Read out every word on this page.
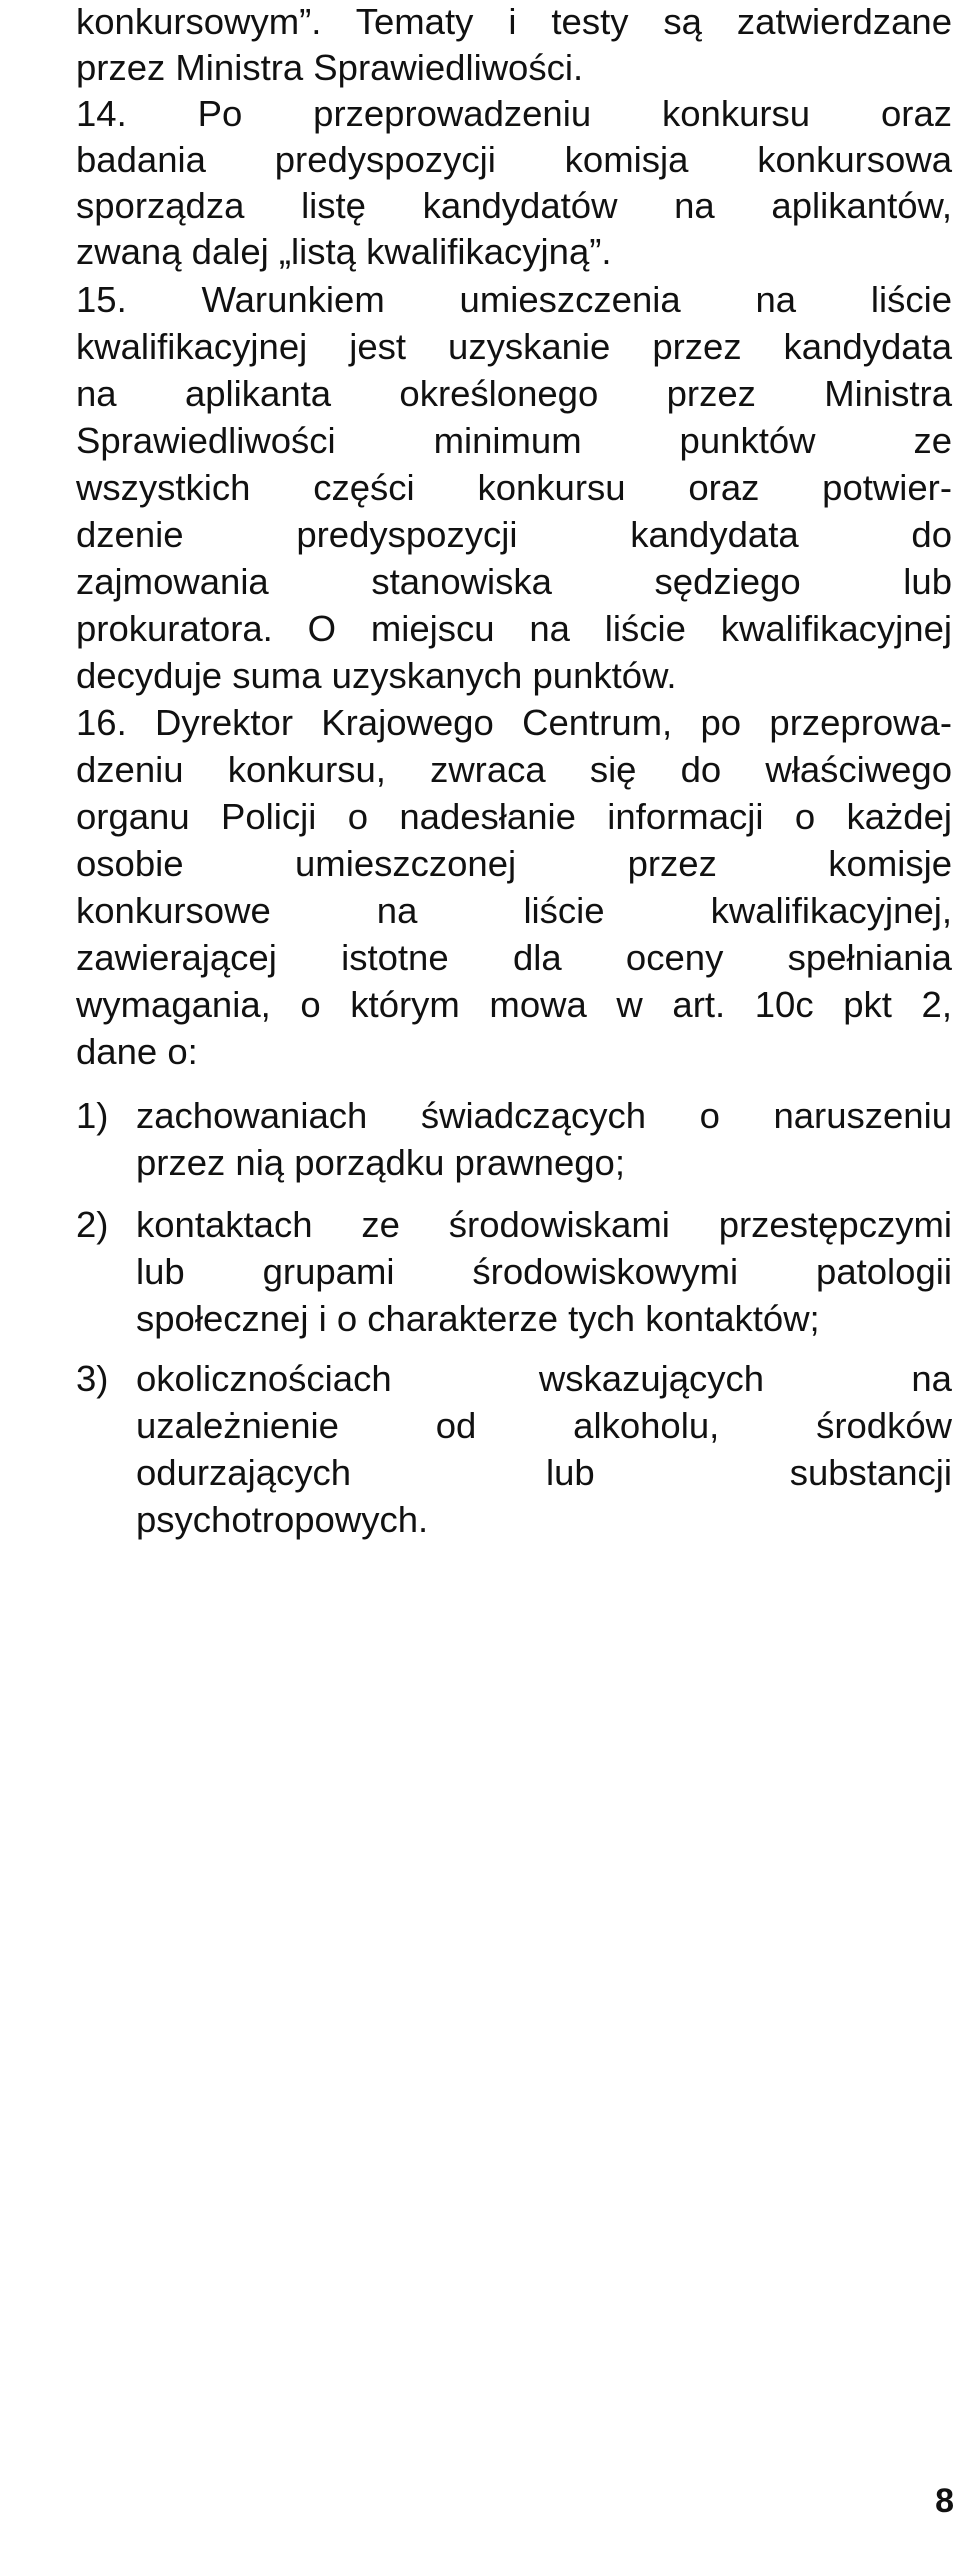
konkursowym”. Tematy i testy są zatwierdzane
przez Ministra Sprawiedliwości.
14. Po przeprowadzeniu konkursu oraz
badania predyspozycji komisja konkursowa
sporządza listę kandydatów na aplikantów,
zwaną dalej „listą kwalifikacyjną”.
15. Warunkiem umieszczenia na liście
kwalifikacyjnej jest uzyskanie przez kandydata
na aplikanta określonego przez Ministra
Sprawiedliwości minimum punktów ze
wszystkich części konkursu oraz potwier-
dzenie predyspozycji kandydata do
zajmowania stanowiska sędziego lub
prokuratora. O miejscu na liście kwalifikacyjnej
decyduje suma uzyskanych punktów.
16. Dyrektor Krajowego Centrum, po przeprowa-
dzeniu konkursu, zwraca się do właściwego
organu Policji o nadesłanie informacji o każdej
osobie umieszczonej przez komisje
konkursowe na liście kwalifikacyjnej,
zawierającej istotne dla oceny spełniania
wymagania, o którym mowa w art. 10c pkt 2,
dane o:
1) zachowaniach świadczących o naruszeniu
przez nią porządku prawnego;
2) kontaktach ze środowiskami przestępczymi
lub grupami środowiskowymi patologii
społecznej i o charakterze tych kontaktów;
3) okolicznościach wskazujących na
uzależnienie od alkoholu, środków
odurzających lub substancji
psychotropowych.
8
